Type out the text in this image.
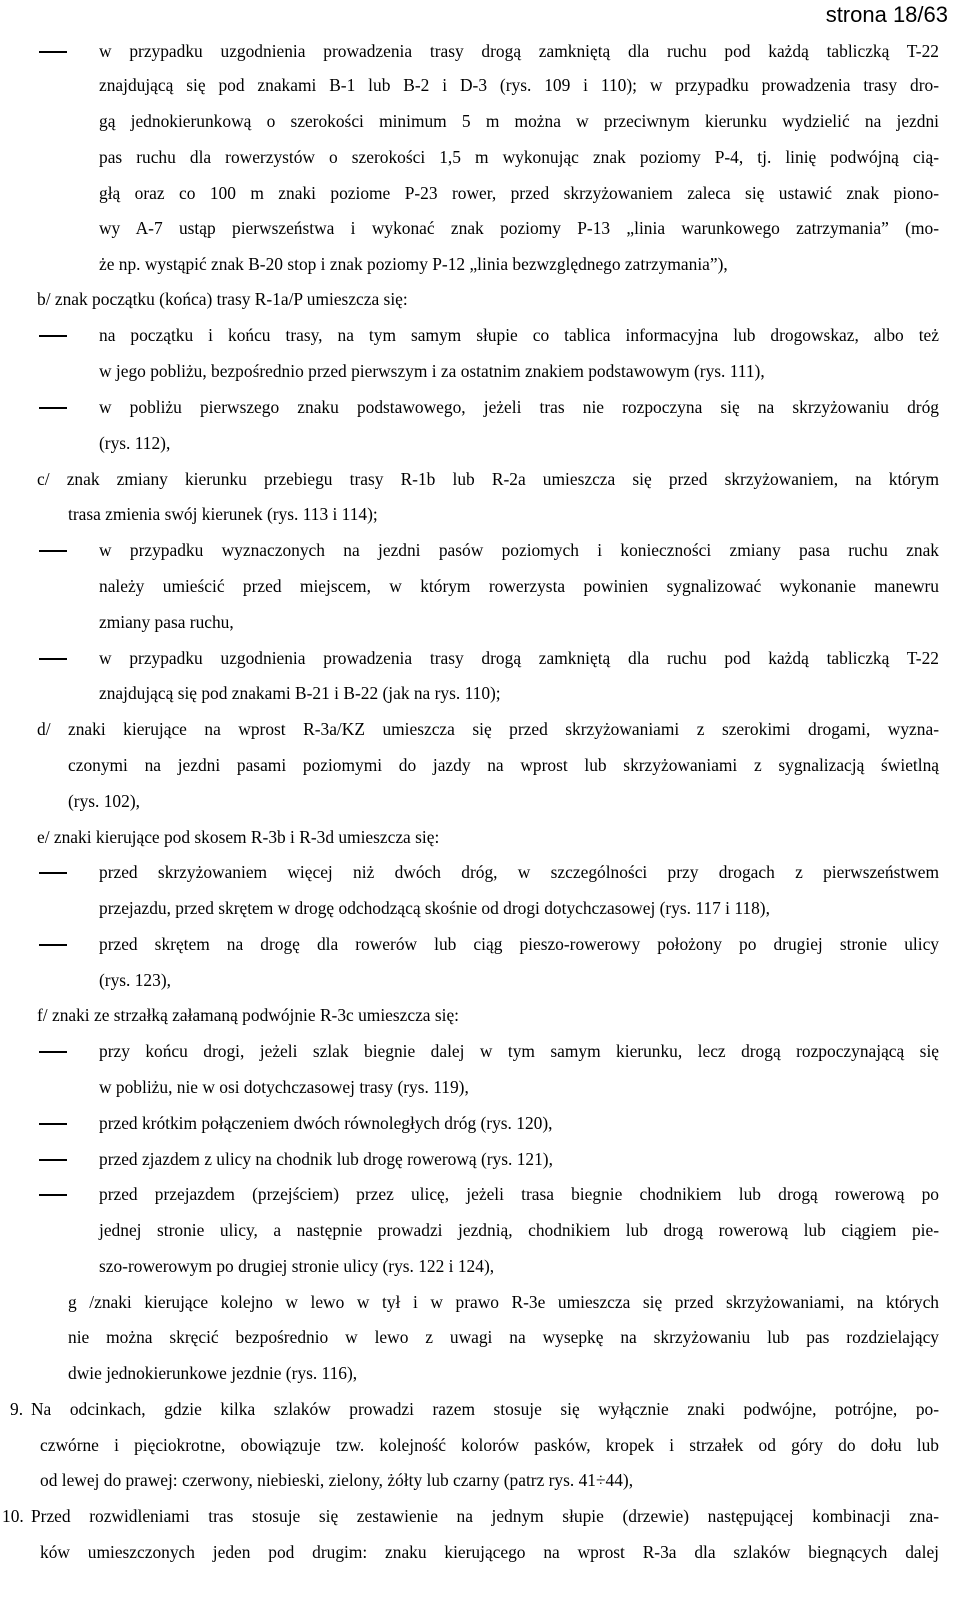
strona 18/63
w przypadku uzgodnienia prowadzenia trasy drogą zamkniętą dla ruchu pod każdą tabliczką T-22
znajdującą się pod znakami B-1 lub B-2 i D-3 (rys. 109 i 110); w przypadku prowadzenia trasy dro-
gą jednokierunkową o szerokości minimum 5 m można w przeciwnym kierunku wydzielić na jezdni
pas ruchu dla rowerzystów o szerokości 1,5 m wykonując znak poziomy P-4, tj. linię podwójną cią-
głą oraz co 100 m znaki poziome P-23 rower, przed skrzyżowaniem zaleca się ustawić znak piono-
wy A-7 ustąp pierwszeństwa i wykonać znak poziomy P-13 „linia warunkowego zatrzymania” (mo-
że np. wystąpić znak B-20 stop i znak poziomy P-12 „linia bezwzględnego zatrzymania”),
b/ znak początku (końca) trasy R-1a/P umieszcza się:
na początku i końcu trasy, na tym samym słupie co tablica informacyjna lub drogowskaz, albo też
w jego pobliżu, bezpośrednio przed pierwszym i za ostatnim znakiem podstawowym (rys. 111),
w pobliżu pierwszego znaku podstawowego, jeżeli tras nie rozpoczyna się na skrzyżowaniu dróg
(rys. 112),
c/ znak zmiany kierunku przebiegu trasy R-1b lub R-2a umieszcza się przed skrzyżowaniem, na którym
trasa zmienia swój kierunek (rys. 113 i 114);
w przypadku wyznaczonych na jezdni pasów poziomych i konieczności zmiany pasa ruchu znak
należy umieścić przed miejscem, w którym rowerzysta powinien sygnalizować wykonanie manewru
zmiany pasa ruchu,
w przypadku uzgodnienia prowadzenia trasy drogą zamkniętą dla ruchu pod każdą tabliczką T-22
znajdującą się pod znakami B-21 i B-22 (jak na rys. 110);
d/ znaki kierujące na wprost R-3a/KZ umieszcza się przed skrzyżowaniami z szerokimi drogami, wyzna-
czonymi na jezdni pasami poziomymi do jazdy na wprost lub skrzyżowaniami z sygnalizacją świetlną
(rys. 102),
e/ znaki kierujące pod skosem R-3b i R-3d umieszcza się:
przed skrzyżowaniem więcej niż dwóch dróg, w szczególności przy drogach z pierwszeństwem
przejazdu, przed skrętem w drogę odchodzącą skośnie od drogi dotychczasowej (rys. 117 i 118),
przed skrętem na drogę dla rowerów lub ciąg pieszo-rowerowy położony po drugiej stronie ulicy
(rys. 123),
f/ znaki ze strzałką załamaną podwójnie R-3c umieszcza się:
przy końcu drogi, jeżeli szlak biegnie dalej w tym samym kierunku, lecz drogą rozpoczynającą się
w pobliżu, nie w osi dotychczasowej trasy (rys. 119),
przed krótkim połączeniem dwóch równoległych dróg (rys. 120),
przed zjazdem z ulicy na chodnik lub drogę rowerową (rys. 121),
przed przejazdem (przejściem) przez ulicę, jeżeli trasa biegnie chodnikiem lub drogą rowerową po
jednej stronie ulicy, a następnie prowadzi jezdnią, chodnikiem lub drogą rowerową lub ciągiem pie-
szo-rowerowym po drugiej stronie ulicy (rys. 122 i 124),
g /znaki kierujące kolejno w lewo w tył i w prawo R-3e umieszcza się przed skrzyżowaniami, na których
nie można skręcić bezpośrednio w lewo z uwagi na wysepkę na skrzyżowaniu lub pas rozdzielający
dwie jednokierunkowe jezdnie (rys. 116),
Na odcinkach, gdzie kilka szlaków prowadzi razem stosuje się wyłącznie znaki podwójne, potrójne, po-
czwórne i pięciokrotne, obowiązuje tzw. kolejność kolorów pasków, kropek i strzałek od góry do dołu lub
od lewej do prawej: czerwony, niebieski, zielony, żółty lub czarny (patrz rys. 41÷44),
Przed rozwidleniami tras stosuje się zestawienie na jednym słupie (drzewie) następującej kombinacji zna-
ków umieszczonych jeden pod drugim: znaku kierującego na wprost R-3a dla szlaków biegnących dalej
9.
10.
